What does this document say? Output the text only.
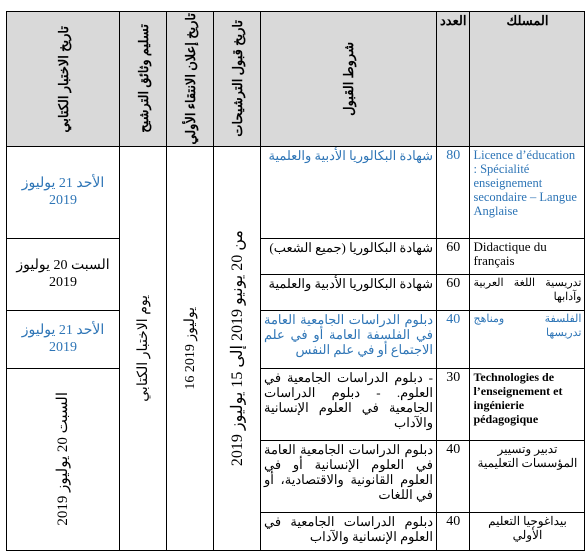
تاريخ الاختبار الكتابي	تسليم وثائق الترشيح	تاريخ إعلان الانتقاء الأولي	تاريخ قبول الترشيحات	شروط القبول	العدد	المسلك
الأحد 21 يوليوز 2019	يوم الاختبار الكتابي	16 يوليوز 2019	من 20 يونيو 2019 إلى 15 يوليوز 2019	شهادة البكالوريا الأدبية والعلمية	80	Licence d’éducation : Spécialité enseignement secondaire – Langue Anglaise
السبت 20 يوليوز 2019				شهادة البكالوريا (جميع الشعب)	60	Didactique du français
				شهادة البكالوريا الأدبية والعلمية	60	تدريسية اللغة العربية وآدابها
الأحد 21 يوليوز 2019				دبلوم الدراسات الجامعية العامة في الفلسفة العامة أو في علم الاجتماع أو في علم النفس	40	الفلسفة ومناهج تدريسها

السبت 20 يوليوز 2019				- دبلوم الدراسات الجامعية في العلوم. - دبلوم الدراسات الجامعية في العلوم الإنسانية والآداب	30	Technologies de l’enseignement et ingénierie pédagogique
				دبلوم الدراسات الجامعية العامة في العلوم الإنسانية أو في العلوم القانونية والاقتصادية، أو في اللغات	40	تدبير وتسيير المؤسسات التعليمية
				دبلوم الدراسات الجامعية في العلوم الإنسانية والآداب	40	بيداغوجيا التعليم الأولي
